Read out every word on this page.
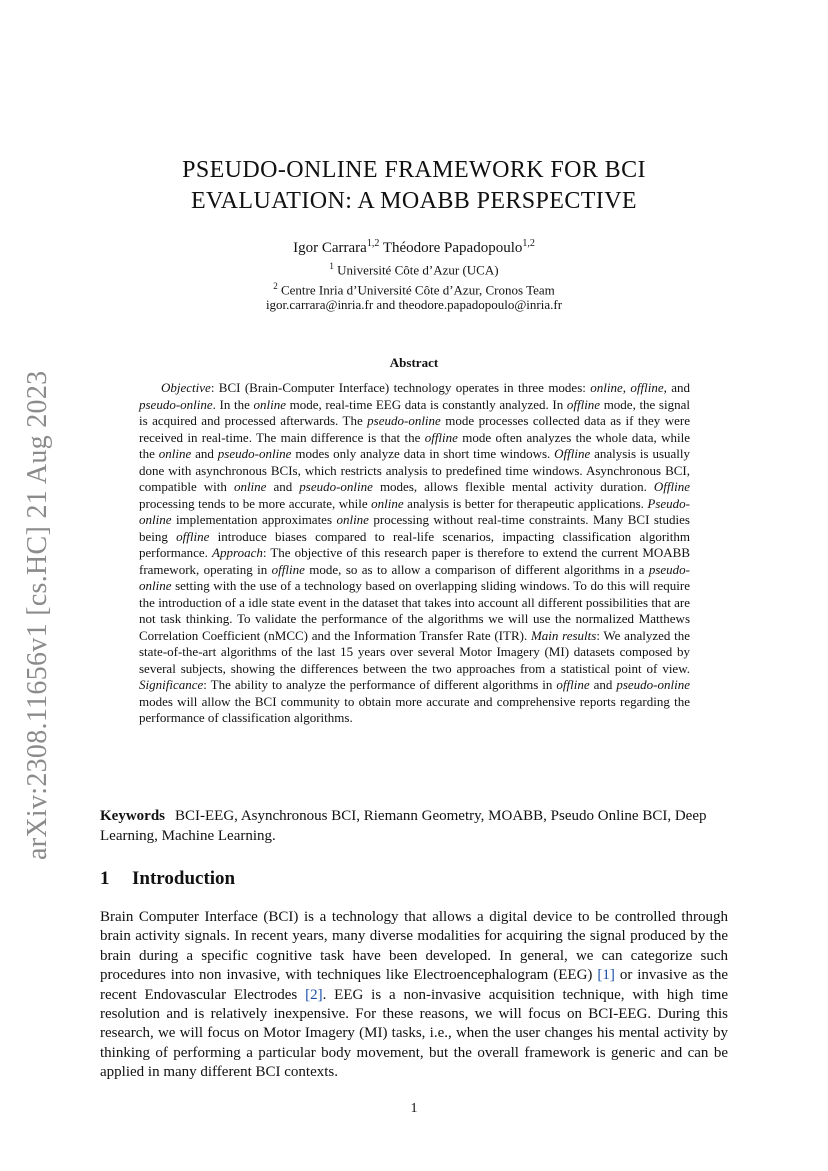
arXiv:2308.11656v1 [cs.HC] 21 Aug 2023
PSEUDO-ONLINE FRAMEWORK FOR BCI
EVALUATION: A MOABB PERSPECTIVE
Igor Carrara$^{1,2}$ Théodore Papadopoulo$^{1,2}$
$^1$ Université Côte d’Azur (UCA)
$^2$ Centre Inria d’Université Côte d’Azur, Cronos Team
igor.carrara@inria.fr and theodore.papadopoulo@inria.fr
Abstract

Objective: BCI (Brain-Computer Interface) technology operates in three modes: online, offline, and pseudo-online. In the online mode, real-time EEG data is constantly analyzed. In offline mode, the signal is acquired and processed afterwards. The pseudo-online mode processes collected data as if they were received in real-time. The main difference is that the offline mode often analyzes the whole data, while the online and pseudo-online modes only analyze data in short time windows. Offline analysis is usually done with asynchronous BCIs, which restricts analysis to predefined time windows. Asynchronous BCI, compatible with online and pseudo-online modes, allows flexible mental activity duration. Offline processing tends to be more accurate, while online analysis is better for therapeutic applications. Pseudo-online implementation approximates online processing without real-time constraints. Many BCI studies being offline introduce biases compared to real-life scenarios, impacting classification algorithm performance. Approach: The objective of this research paper is therefore to extend the current MOABB framework, operating in offline mode, so as to allow a comparison of different algorithms in a pseudo-online setting with the use of a technology based on overlapping sliding windows. To do this will require the introduction of a idle state event in the dataset that takes into account all different possibilities that are not task thinking. To validate the performance of the algorithms we will use the normalized Matthews Correlation Coefficient (nMCC) and the Information Transfer Rate (ITR). Main results: We analyzed the state-of-the-art algorithms of the last 15 years over several Motor Imagery (MI) datasets composed by several subjects, showing the differences between the two approaches from a statistical point of view. Significance: The ability to analyze the performance of different algorithms in offline and pseudo-online modes will allow the BCI community to obtain more accurate and comprehensive reports regarding the performance of classification algorithms.

Keywords BCI-EEG, Asynchronous BCI, Riemann Geometry, MOABB, Pseudo Online BCI, Deep Learning, Machine Learning.
1 Introduction

Brain Computer Interface (BCI) is a technology that allows a digital device to be controlled through brain activity signals. In recent years, many diverse modalities for acquiring the signal produced by the brain during a specific cognitive task have been developed. In general, we can categorize such procedures into non invasive, with techniques like Electroencephalogram (EEG) [1] or invasive as the recent Endovascular Electrodes [2]. EEG is a non-invasive acquisition technique, with high time resolution and is relatively inexpensive. For these reasons, we will focus on BCI-EEG. During this research, we will focus on Motor Imagery (MI) tasks, i.e., when the user changes his mental activity by thinking of performing a particular body movement, but the overall framework is generic and can be applied in many different BCI contexts.

1
